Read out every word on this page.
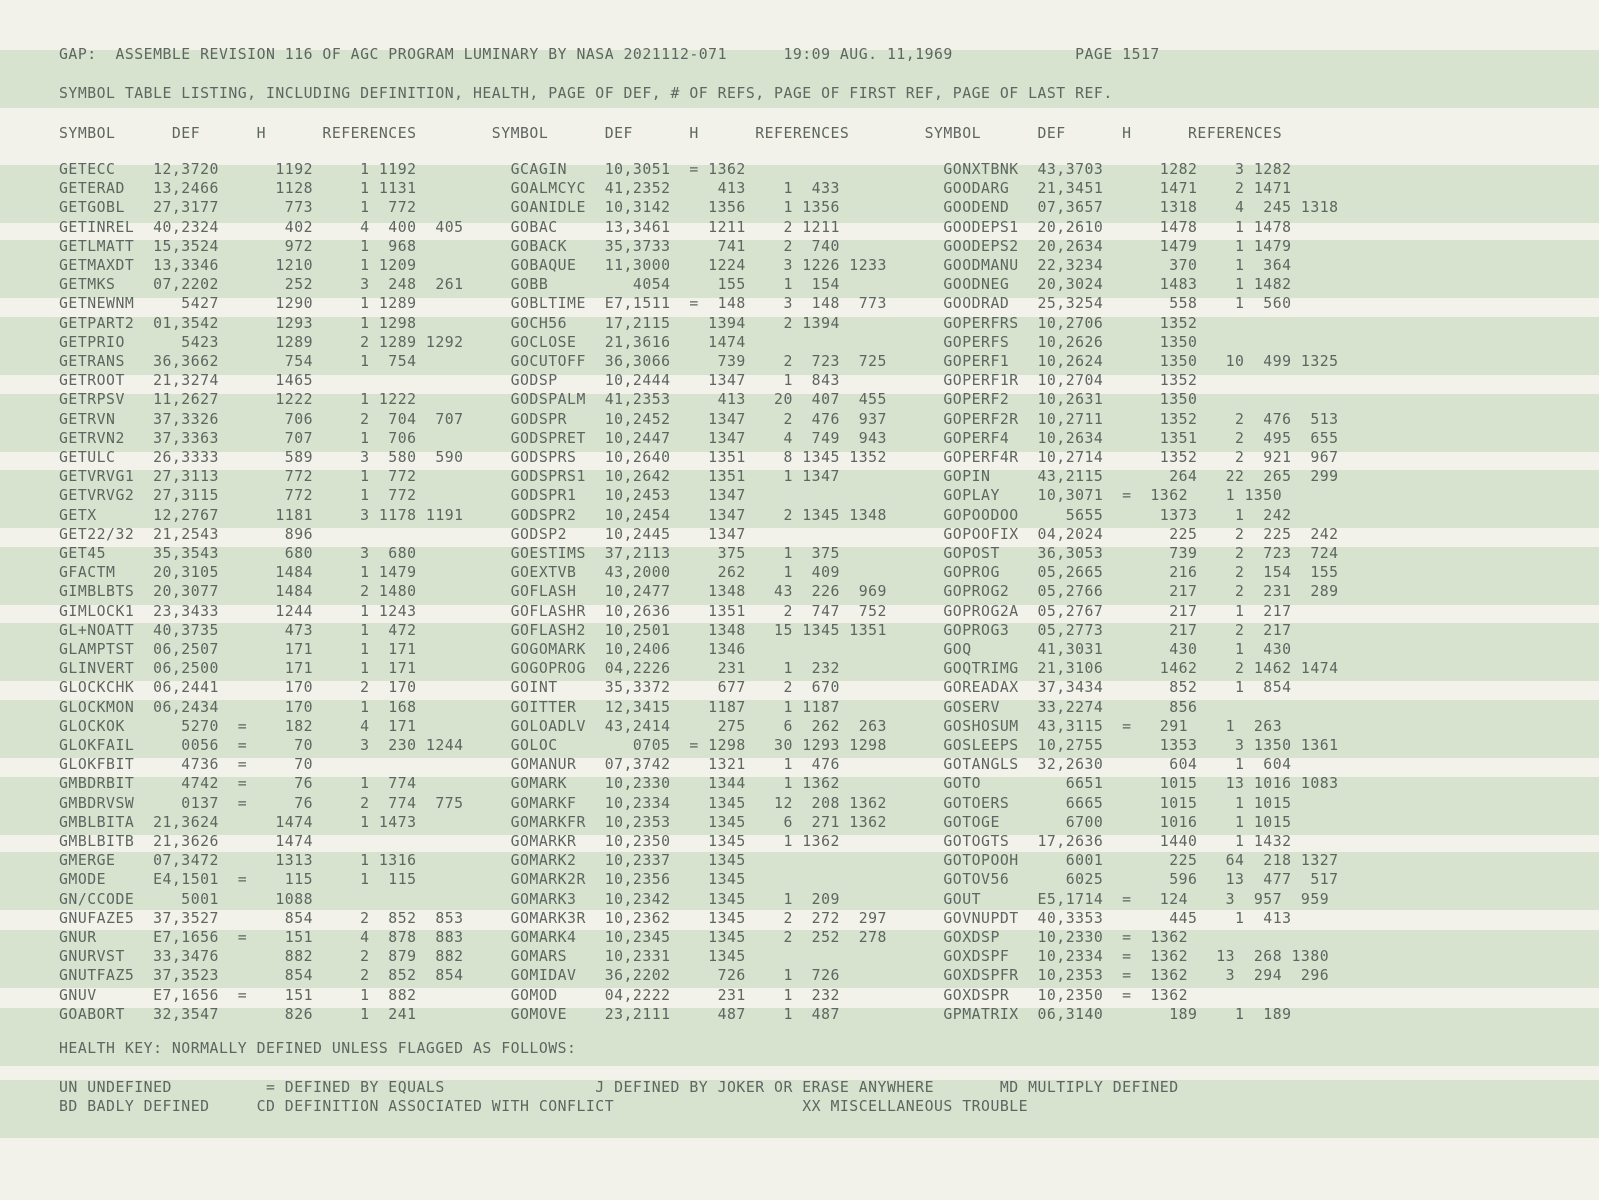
GAP:  ASSEMBLE REVISION 116 OF AGC PROGRAM LUMINARY BY NASA 2021112-071      19:09 AUG. 11,1969             PAGE 1517
SYMBOL TABLE LISTING, INCLUDING DEFINITION, HEALTH, PAGE OF DEF, # OF REFS, PAGE OF FIRST REF, PAGE OF LAST REF.
SYMBOL      DEF      H      REFERENCES        SYMBOL      DEF      H      REFERENCES        SYMBOL      DEF      H      REFERENCES
GETECC    12,3720      1192     1 1192          GCAGIN    10,3051  = 1362                     GONXTBNK  43,3703      1282    3 1282
GETERAD   13,2466      1128     1 1131          GOALMCYC  41,2352     413    1  433           GOODARG   21,3451      1471    2 1471
GETGOBL   27,3177       773     1  772          GOANIDLE  10,3142    1356    1 1356           GOODEND   07,3657      1318    4  245 1318
GETINREL  40,2324       402     4  400  405     GOBAC     13,3461    1211    2 1211           GOODEPS1  20,2610      1478    1 1478
GETLMATT  15,3524       972     1  968          GOBACK    35,3733     741    2  740           GOODEPS2  20,2634      1479    1 1479
GETMAXDT  13,3346      1210     1 1209          GOBAQUE   11,3000    1224    3 1226 1233      GOODMANU  22,3234       370    1  364
GETMKS    07,2202       252     3  248  261     GOBB         4054     155    1  154           GOODNEG   20,3024      1483    1 1482
GETNEWNM     5427      1290     1 1289          GOBLTIME  E7,1511  =  148    3  148  773      GOODRAD   25,3254       558    1  560
GETPART2  01,3542      1293     1 1298          GOCH56    17,2115    1394    2 1394           GOPERFRS  10,2706      1352
GETPRIO      5423      1289     2 1289 1292     GOCLOSE   21,3616    1474                     GOPERFS   10,2626      1350
GETRANS   36,3662       754     1  754          GOCUTOFF  36,3066     739    2  723  725      GOPERF1   10,2624      1350   10  499 1325
GETROOT   21,3274      1465                     GODSP     10,2444    1347    1  843           GOPERF1R  10,2704      1352
GETRPSV   11,2627      1222     1 1222          GODSPALM  41,2353     413   20  407  455      GOPERF2   10,2631      1350
GETRVN    37,3326       706     2  704  707     GODSPR    10,2452    1347    2  476  937      GOPERF2R  10,2711      1352    2  476  513
GETRVN2   37,3363       707     1  706          GODSPRET  10,2447    1347    4  749  943      GOPERF4   10,2634      1351    2  495  655
GETULC    26,3333       589     3  580  590     GODSPRS   10,2640    1351    8 1345 1352      GOPERF4R  10,2714      1352    2  921  967
GETVRVG1  27,3113       772     1  772          GODSPRS1  10,2642    1351    1 1347           GOPIN     43,2115       264   22  265  299
GETVRVG2  27,3115       772     1  772          GODSPR1   10,2453    1347                     GOPLAY    10,3071  =  1362    1 1350
GETX      12,2767      1181     3 1178 1191     GODSPR2   10,2454    1347    2 1345 1348      GOPOODOO     5655      1373    1  242
GET22/32  21,2543       896                     GODSP2    10,2445    1347                     GOPOOFIX  04,2024       225    2  225  242
GET45     35,3543       680     3  680          GOESTIMS  37,2113     375    1  375           GOPOST    36,3053       739    2  723  724
GFACTM    20,3105      1484     1 1479          GOEXTVB   43,2000     262    1  409           GOPROG    05,2665       216    2  154  155
GIMBLBTS  20,3077      1484     2 1480          GOFLASH   10,2477    1348   43  226  969      GOPROG2   05,2766       217    2  231  289
GIMLOCK1  23,3433      1244     1 1243          GOFLASHR  10,2636    1351    2  747  752      GOPROG2A  05,2767       217    1  217
GL+NOATT  40,3735       473     1  472          GOFLASH2  10,2501    1348   15 1345 1351      GOPROG3   05,2773       217    2  217
GLAMPTST  06,2507       171     1  171          GOGOMARK  10,2406    1346                     GOQ       41,3031       430    1  430
GLINVERT  06,2500       171     1  171          GOGOPROG  04,2226     231    1  232           GOQTRIMG  21,3106      1462    2 1462 1474
GLOCKCHK  06,2441       170     2  170          GOINT     35,3372     677    2  670           GOREADAX  37,3434       852    1  854
GLOCKMON  06,2434       170     1  168          GOITTER   12,3415    1187    1 1187           GOSERV    33,2274       856
GLOCKOK      5270  =    182     4  171          GOLOADLV  43,2414     275    6  262  263      GOSHOSUM  43,3115  =   291    1  263
GLOKFAIL     0056  =     70     3  230 1244     GOLOC        0705  = 1298   30 1293 1298      GOSLEEPS  10,2755      1353    3 1350 1361
GLOKFBIT     4736  =     70                     GOMANUR   07,3742    1321    1  476           GOTANGLS  32,2630       604    1  604
GMBDRBIT     4742  =     76     1  774          GOMARK    10,2330    1344    1 1362           GOTO         6651      1015   13 1016 1083
GMBDRVSW     0137  =     76     2  774  775     GOMARKF   10,2334    1345   12  208 1362      GOTOERS      6665      1015    1 1015
GMBLBITA  21,3624      1474     1 1473          GOMARKFR  10,2353    1345    6  271 1362      GOTOGE       6700      1016    1 1015
GMBLBITB  21,3626      1474                     GOMARKR   10,2350    1345    1 1362           GOTOGTS   17,2636      1440    1 1432
GMERGE    07,3472      1313     1 1316          GOMARK2   10,2337    1345                     GOTOPOOH     6001       225   64  218 1327
GMODE     E4,1501  =    115     1  115          GOMARK2R  10,2356    1345                     GOTOV56      6025       596   13  477  517
GN/CCODE     5001      1088                     GOMARK3   10,2342    1345    1  209           GOUT      E5,1714  =   124    3  957  959
GNUFAZE5  37,3527       854     2  852  853     GOMARK3R  10,2362    1345    2  272  297      GOVNUPDT  40,3353       445    1  413
GNUR      E7,1656  =    151     4  878  883     GOMARK4   10,2345    1345    2  252  278      GOXDSP    10,2330  =  1362
GNURVST   33,3476       882     2  879  882     GOMARS    10,2331    1345                     GOXDSPF   10,2334  =  1362   13  268 1380
GNUTFAZ5  37,3523       854     2  852  854     GOMIDAV   36,2202     726    1  726           GOXDSPFR  10,2353  =  1362    3  294  296
GNUV      E7,1656  =    151     1  882          GOMOD     04,2222     231    1  232           GOXDSPR   10,2350  =  1362
GOABORT   32,3547       826     1  241          GOMOVE    23,2111     487    1  487           GPMATRIX  06,3140       189    1  189
HEALTH KEY: NORMALLY DEFINED UNLESS FLAGGED AS FOLLOWS:
UN UNDEFINED          = DEFINED BY EQUALS                J DEFINED BY JOKER OR ERASE ANYWHERE       MD MULTIPLY DEFINED
BD BADLY DEFINED     CD DEFINITION ASSOCIATED WITH CONFLICT                    XX MISCELLANEOUS TROUBLE
